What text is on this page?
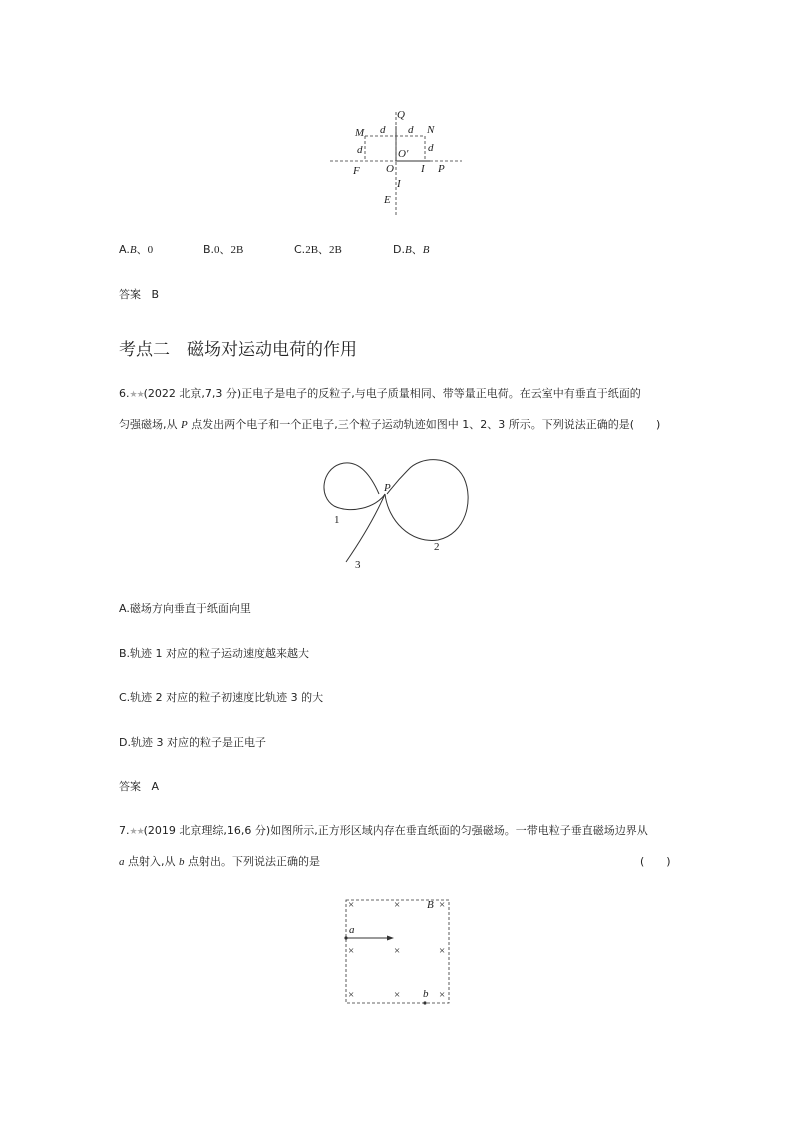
Q
M d d N
d	d
O′
O
F	I
I
P
E
A.B、0	B.0、2B	C.2B、2B	D.B、B
答案 B
考点二　磁场对运动电荷的作用
6.★★(2022 北京,7,3 分)正电子是电子的反粒子,与电子质量相同、带等量正电荷。在云室中有垂直于纸面的
匀强磁场,从 P 点发出两个电子和一个正电子,三个粒子运动轨迹如图中 1、2、3 所示。下列说法正确的是(　　)
P
1
2
3
A.磁场方向垂直于纸面向里
B.轨迹 1 对应的粒子运动速度越来越大
C.轨迹 2 对应的粒子初速度比轨迹 3 的大
D.轨迹 3 对应的粒子是正电子
答案 A
7.★★(2019 北京理综,16,6 分)如图所示,正方形区域内存在垂直纸面的匀强磁场。一带电粒子垂直磁场边界从
a 点射入,从 b 点射出。下列说法正确的是	(　　)
×	× B ×
a
×	×	×
×	× b ×
